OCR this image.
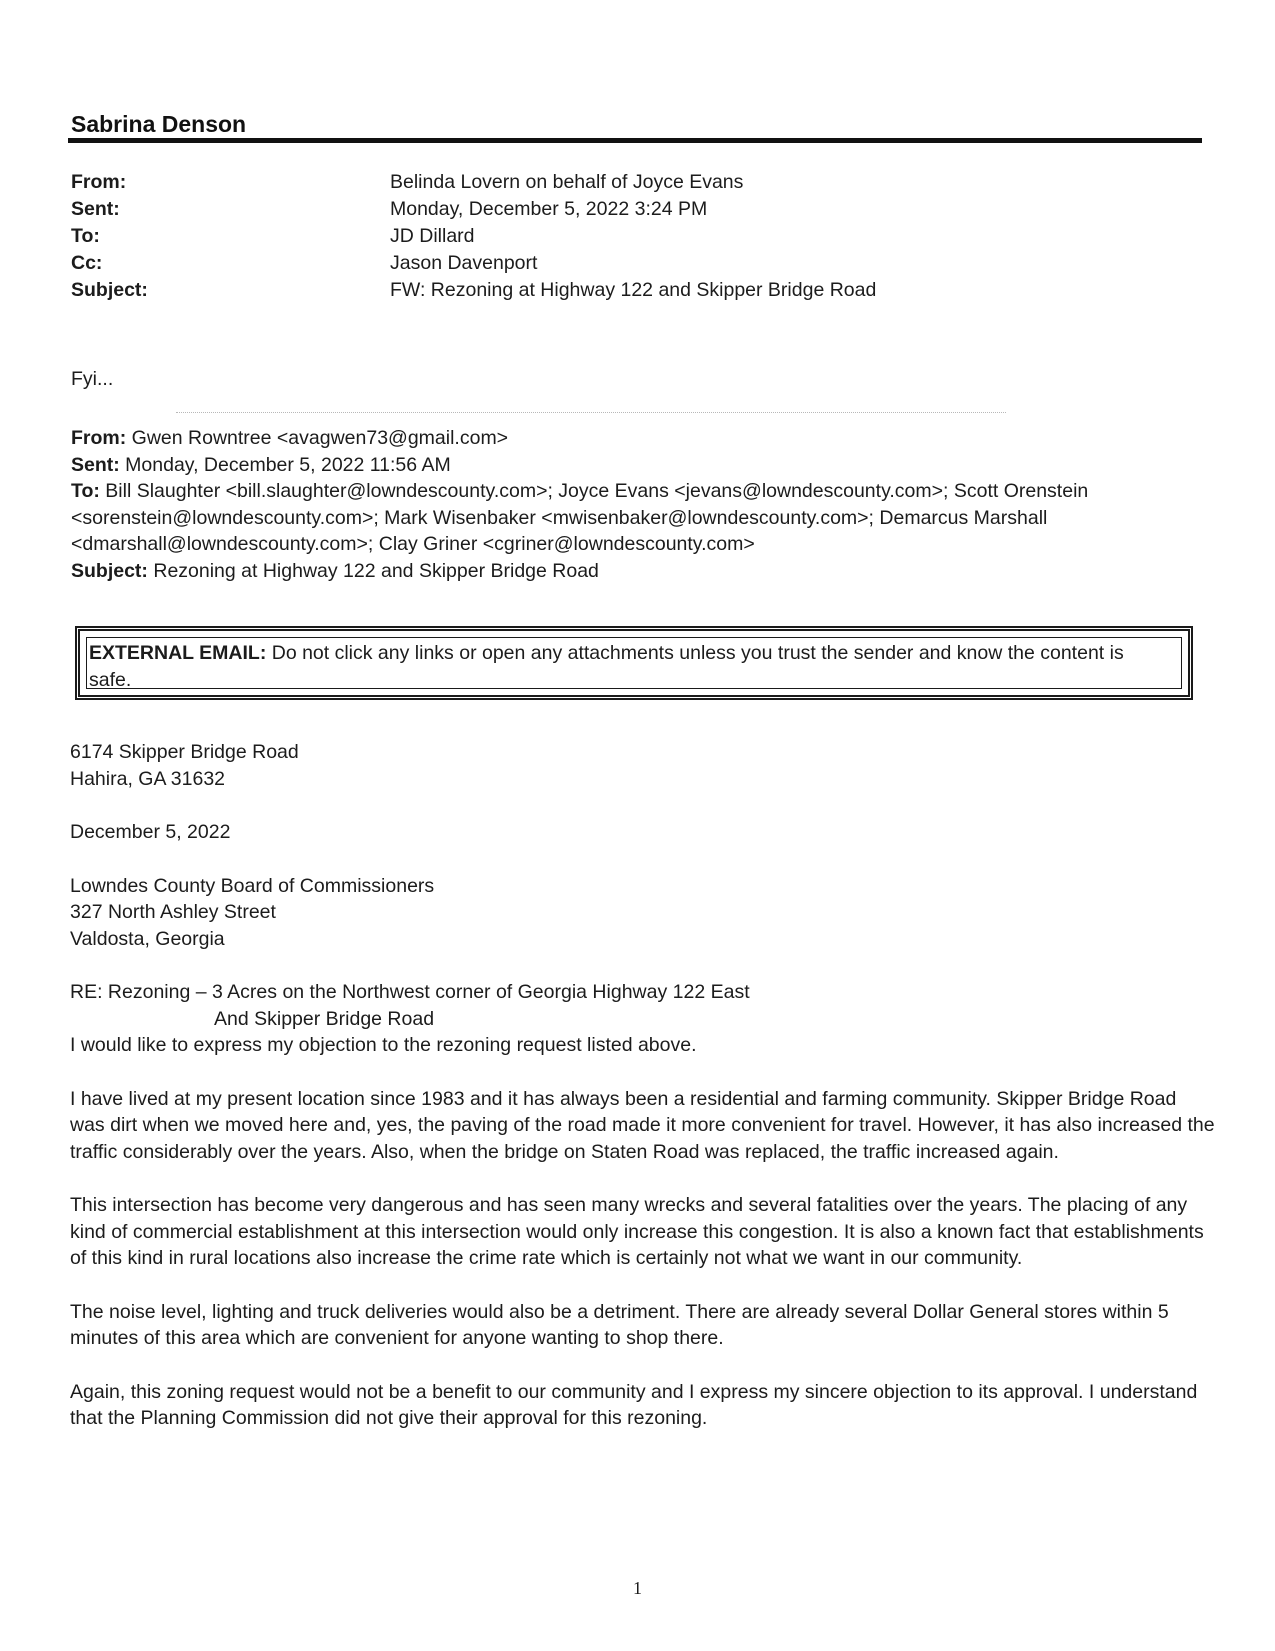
Sabrina Denson
From:	Belinda Lovern on behalf of Joyce Evans
Sent:	Monday, December 5, 2022 3:24 PM
To:	JD Dillard
Cc:	Jason Davenport
Subject:	FW: Rezoning at Highway 122 and Skipper Bridge Road
Fyi...
From: Gwen Rowntree <avagwen73@gmail.com>
Sent: Monday, December 5, 2022 11:56 AM
To: Bill Slaughter <bill.slaughter@lowndescounty.com>; Joyce Evans <jevans@lowndescounty.com>; Scott Orenstein
<sorenstein@lowndescounty.com>; Mark Wisenbaker <mwisenbaker@lowndescounty.com>; Demarcus Marshall
<dmarshall@lowndescounty.com>; Clay Griner <cgriner@lowndescounty.com>
Subject: Rezoning at Highway 122 and Skipper Bridge Road
EXTERNAL EMAIL: Do not click any links or open any attachments unless you trust the sender and know the content is safe.

6174 Skipper Bridge Road

Hahira, GA 31632

December 5, 2022

Lowndes County Board of Commissioners

327 North Ashley Street

Valdosta, Georgia

RE: Rezoning – 3 Acres on the Northwest corner of Georgia Highway 122 East

And Skipper Bridge Road

I would like to express my objection to the rezoning request listed above.

I have lived at my present location since 1983 and it has always been a residential and farming community. Skipper Bridge Road was dirt when we moved here and, yes, the paving of the road made it more convenient for travel. However, it has also increased the traffic considerably over the years. Also, when the bridge on Staten Road was replaced, the traffic increased again.

This intersection has become very dangerous and has seen many wrecks and several fatalities over the years. The placing of any kind of commercial establishment at this intersection would only increase this congestion. It is also a known fact that establishments of this kind in rural locations also increase the crime rate which is certainly not what we want in our community.

The noise level, lighting and truck deliveries would also be a detriment. There are already several Dollar General stores within 5 minutes of this area which are convenient for anyone wanting to shop there.

Again, this zoning request would not be a benefit to our community and I express my sincere objection to its approval. I understand that the Planning Commission did not give their approval for this rezoning.

1
